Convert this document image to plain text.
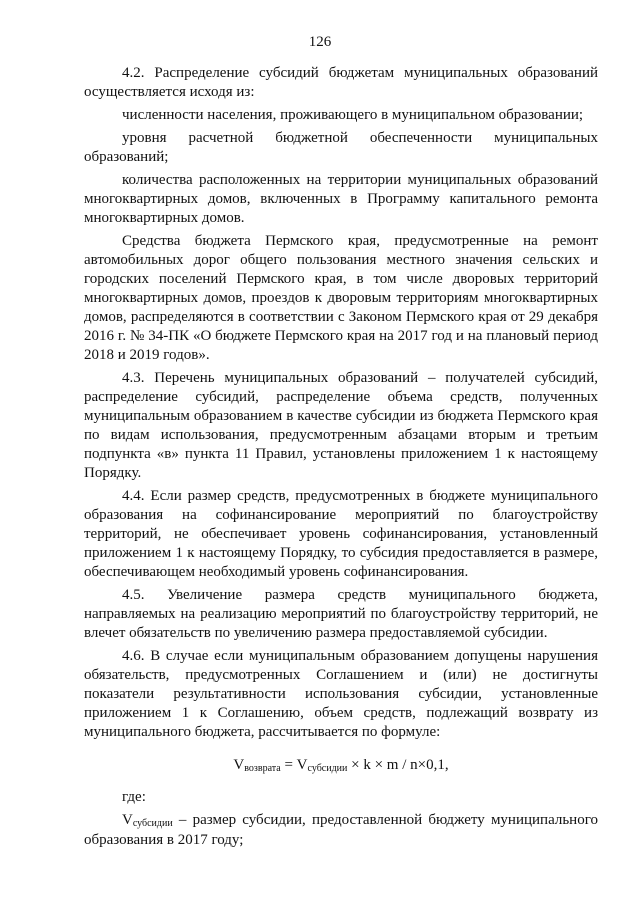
126

4.2. Распределение субсидий бюджетам муниципальных образований осуществляется исходя из:

численности населения, проживающего в муниципальном образовании;

уровня расчетной бюджетной обеспеченности муниципальных образований;

количества расположенных на территории муниципальных образований многоквартирных домов, включенных в Программу капитального ремонта многоквартирных домов.

Средства бюджета Пермского края, предусмотренные на ремонт автомобильных дорог общего пользования местного значения сельских и городских поселений Пермского края, в том числе дворовых территорий многоквартирных домов, проездов к дворовым территориям многоквартирных домов, распределяются в соответствии с Законом Пермского края от 29 декабря 2016 г. № 34-ПК «О бюджете Пермского края на 2017 год и на плановый период 2018 и 2019 годов».

4.3. Перечень муниципальных образований – получателей субсидий, распределение субсидий, распределение объема средств, полученных муниципальным образованием в качестве субсидии из бюджета Пермского края по видам использования, предусмотренным абзацами вторым и третьим подпункта «в» пункта 11 Правил, установлены приложением 1 к настоящему Порядку.

4.4. Если размер средств, предусмотренных в бюджете муниципального образования на софинансирование мероприятий по благоустройству территорий, не обеспечивает уровень софинансирования, установленный приложением 1 к настоящему Порядку, то субсидия предоставляется в размере, обеспечивающем необходимый уровень софинансирования.

4.5. Увеличение размера средств муниципального бюджета, направляемых на реализацию мероприятий по благоустройству территорий, не влечет обязательств по увеличению размера предоставляемой субсидии.

4.6. В случае если муниципальным образованием допущены нарушения обязательств, предусмотренных Соглашением и (или) не достигнуты показатели результативности использования субсидии, установленные приложением 1 к Соглашению, объем средств, подлежащий возврату из муниципального бюджета, рассчитывается по формуле:

$V_{возврата} = V_{субсидии} \times k \times m / n\times 0,1$,

где:

$V_{субсидии}$ – размер субсидии, предоставленной бюджету муниципального образования в 2017 году;
